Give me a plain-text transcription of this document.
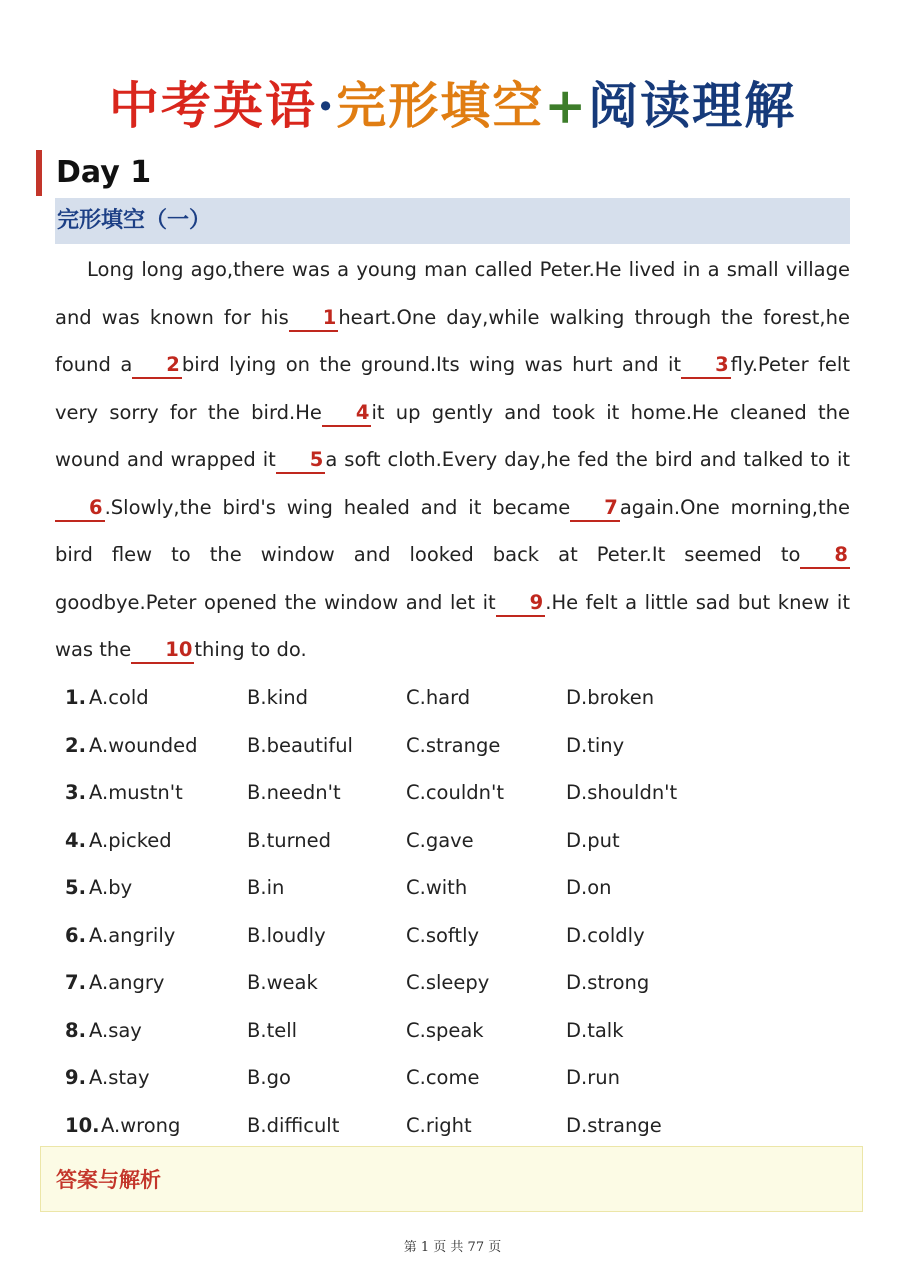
中考英语·完形填空+阅读理解
Day 1
完形填空（一）

Long long ago,there was a young man called Peter.He lived in a small village and was known for his 1 heart.One day,while walking through the forest,he found a 2 bird lying on the ground.Its wing was hurt and it 3 fly.Peter felt very sorry for the bird.He 4 it up gently and took it home.He cleaned the wound and wrapped it 5 a soft cloth.Every day,he fed the bird and talked to it6 .Slowly,the bird's wing healed and it became 7 again.One morning,the bird flew to the window and looked back at Peter.It seemed to 8goodbye.Peter opened the window and let it 9 .He felt a little sad but knew it was the 10 thing to do.

1. A.cold	B.kind	C.hard	D.broken
2. A.wounded	B.beautiful	C.strange	D.tiny
3. A.mustn't	B.needn't	C.couldn't	D.shouldn't
4. A.picked	B.turned	C.gave	D.put
5. A.by	B.in	C.with	D.on
6. A.angrily	B.loudly	C.softly	D.coldly
7. A.angry	B.weak	C.sleepy	D.strong
8. A.say	B.tell	C.speak	D.talk
9. A.stay	B.go	C.come	D.run
10. A.wrong	B.difficult	C.right	D.strange
答案与解析
第 1 页 共 77 页
